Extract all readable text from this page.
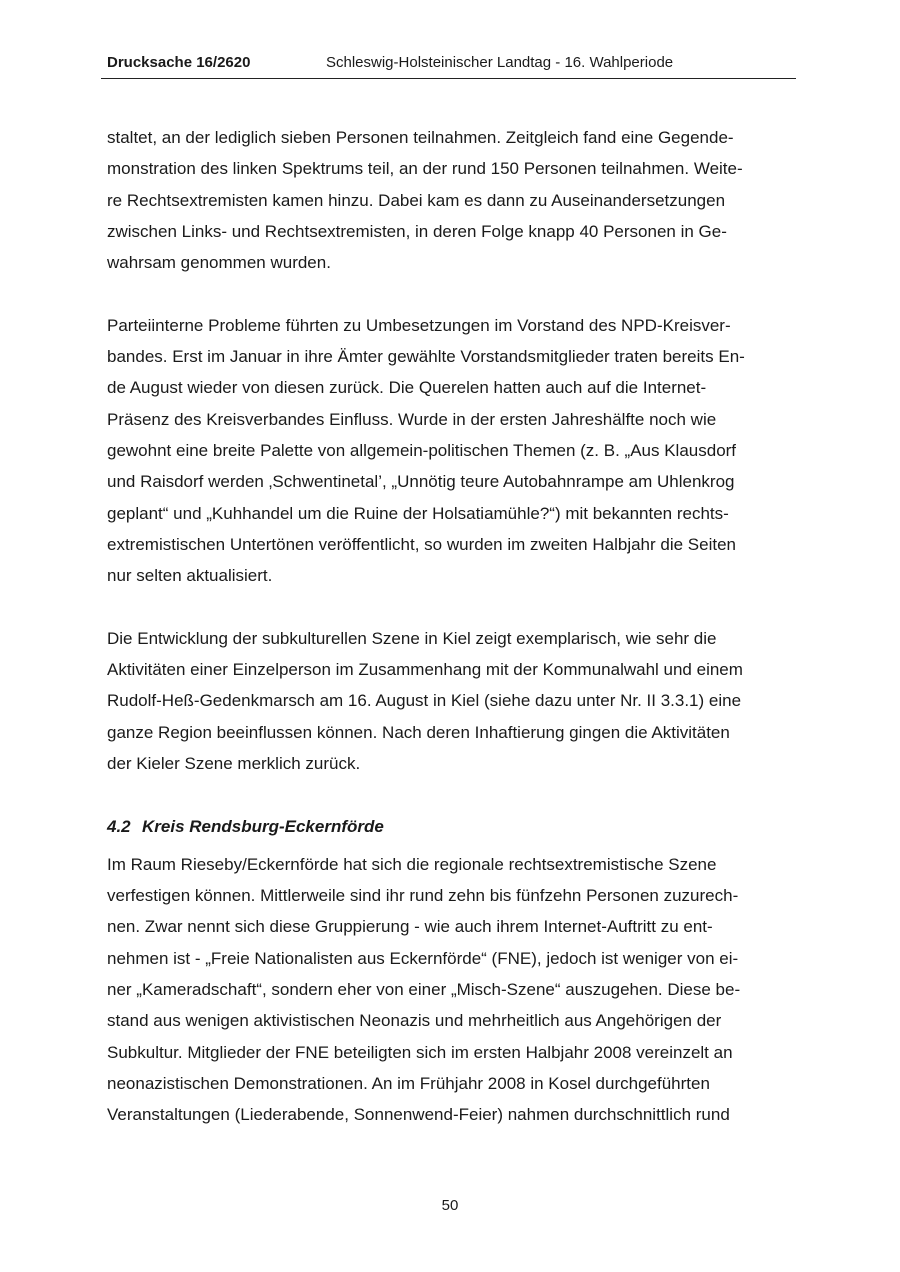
Drucksache 16/2620	Schleswig-Holsteinischer Landtag - 16. Wahlperiode
staltet, an der lediglich sieben Personen teilnahmen. Zeitgleich fand eine Gegende-
monstration des linken Spektrums teil, an der rund 150 Personen teilnahmen. Weite-
re Rechtsextremisten kamen hinzu. Dabei kam es dann zu Auseinandersetzungen
zwischen Links- und Rechtsextremisten, in deren Folge knapp 40 Personen in Ge-
wahrsam genommen wurden.
Parteiinterne Probleme führten zu Umbesetzungen im Vorstand des NPD-Kreisver-
bandes. Erst im Januar in ihre Ämter gewählte Vorstandsmitglieder traten bereits En-
de August wieder von diesen zurück. Die Querelen hatten auch auf die Internet-
Präsenz des Kreisverbandes Einfluss. Wurde in der ersten Jahreshälfte noch wie
gewohnt eine breite Palette von allgemein-politischen Themen (z. B. „Aus Klausdorf
und Raisdorf werden ‚Schwentinetal’, „Unnötig teure Autobahnrampe am Uhlenkrog
geplant“ und „Kuhhandel um die Ruine der Holsatiamühle?“) mit bekannten rechts-
extremistischen Untertönen veröffentlicht, so wurden im zweiten Halbjahr die Seiten
nur selten aktualisiert.
Die Entwicklung der subkulturellen Szene in Kiel zeigt exemplarisch, wie sehr die
Aktivitäten einer Einzelperson im Zusammenhang mit der Kommunalwahl und einem
Rudolf-Heß-Gedenkmarsch am 16. August in Kiel (siehe dazu unter Nr. II 3.3.1) eine
ganze Region beeinflussen können. Nach deren Inhaftierung gingen die Aktivitäten
der Kieler Szene merklich zurück.
4.2 Kreis Rendsburg-Eckernförde
Im Raum Rieseby/Eckernförde hat sich die regionale rechtsextremistische Szene
verfestigen können. Mittlerweile sind ihr rund zehn bis fünfzehn Personen zuzurech-
nen. Zwar nennt sich diese Gruppierung - wie auch ihrem Internet-Auftritt zu ent-
nehmen ist - „Freie Nationalisten aus Eckernförde“ (FNE), jedoch ist weniger von ei-
ner „Kameradschaft“, sondern eher von einer „Misch-Szene“ auszugehen. Diese be-
stand aus wenigen aktivistischen Neonazis und mehrheitlich aus Angehörigen der
Subkultur. Mitglieder der FNE beteiligten sich im ersten Halbjahr 2008 vereinzelt an
neonazistischen Demonstrationen. An im Frühjahr 2008 in Kosel durchgeführten
Veranstaltungen (Liederabende, Sonnenwend-Feier) nahmen durchschnittlich rund
50
